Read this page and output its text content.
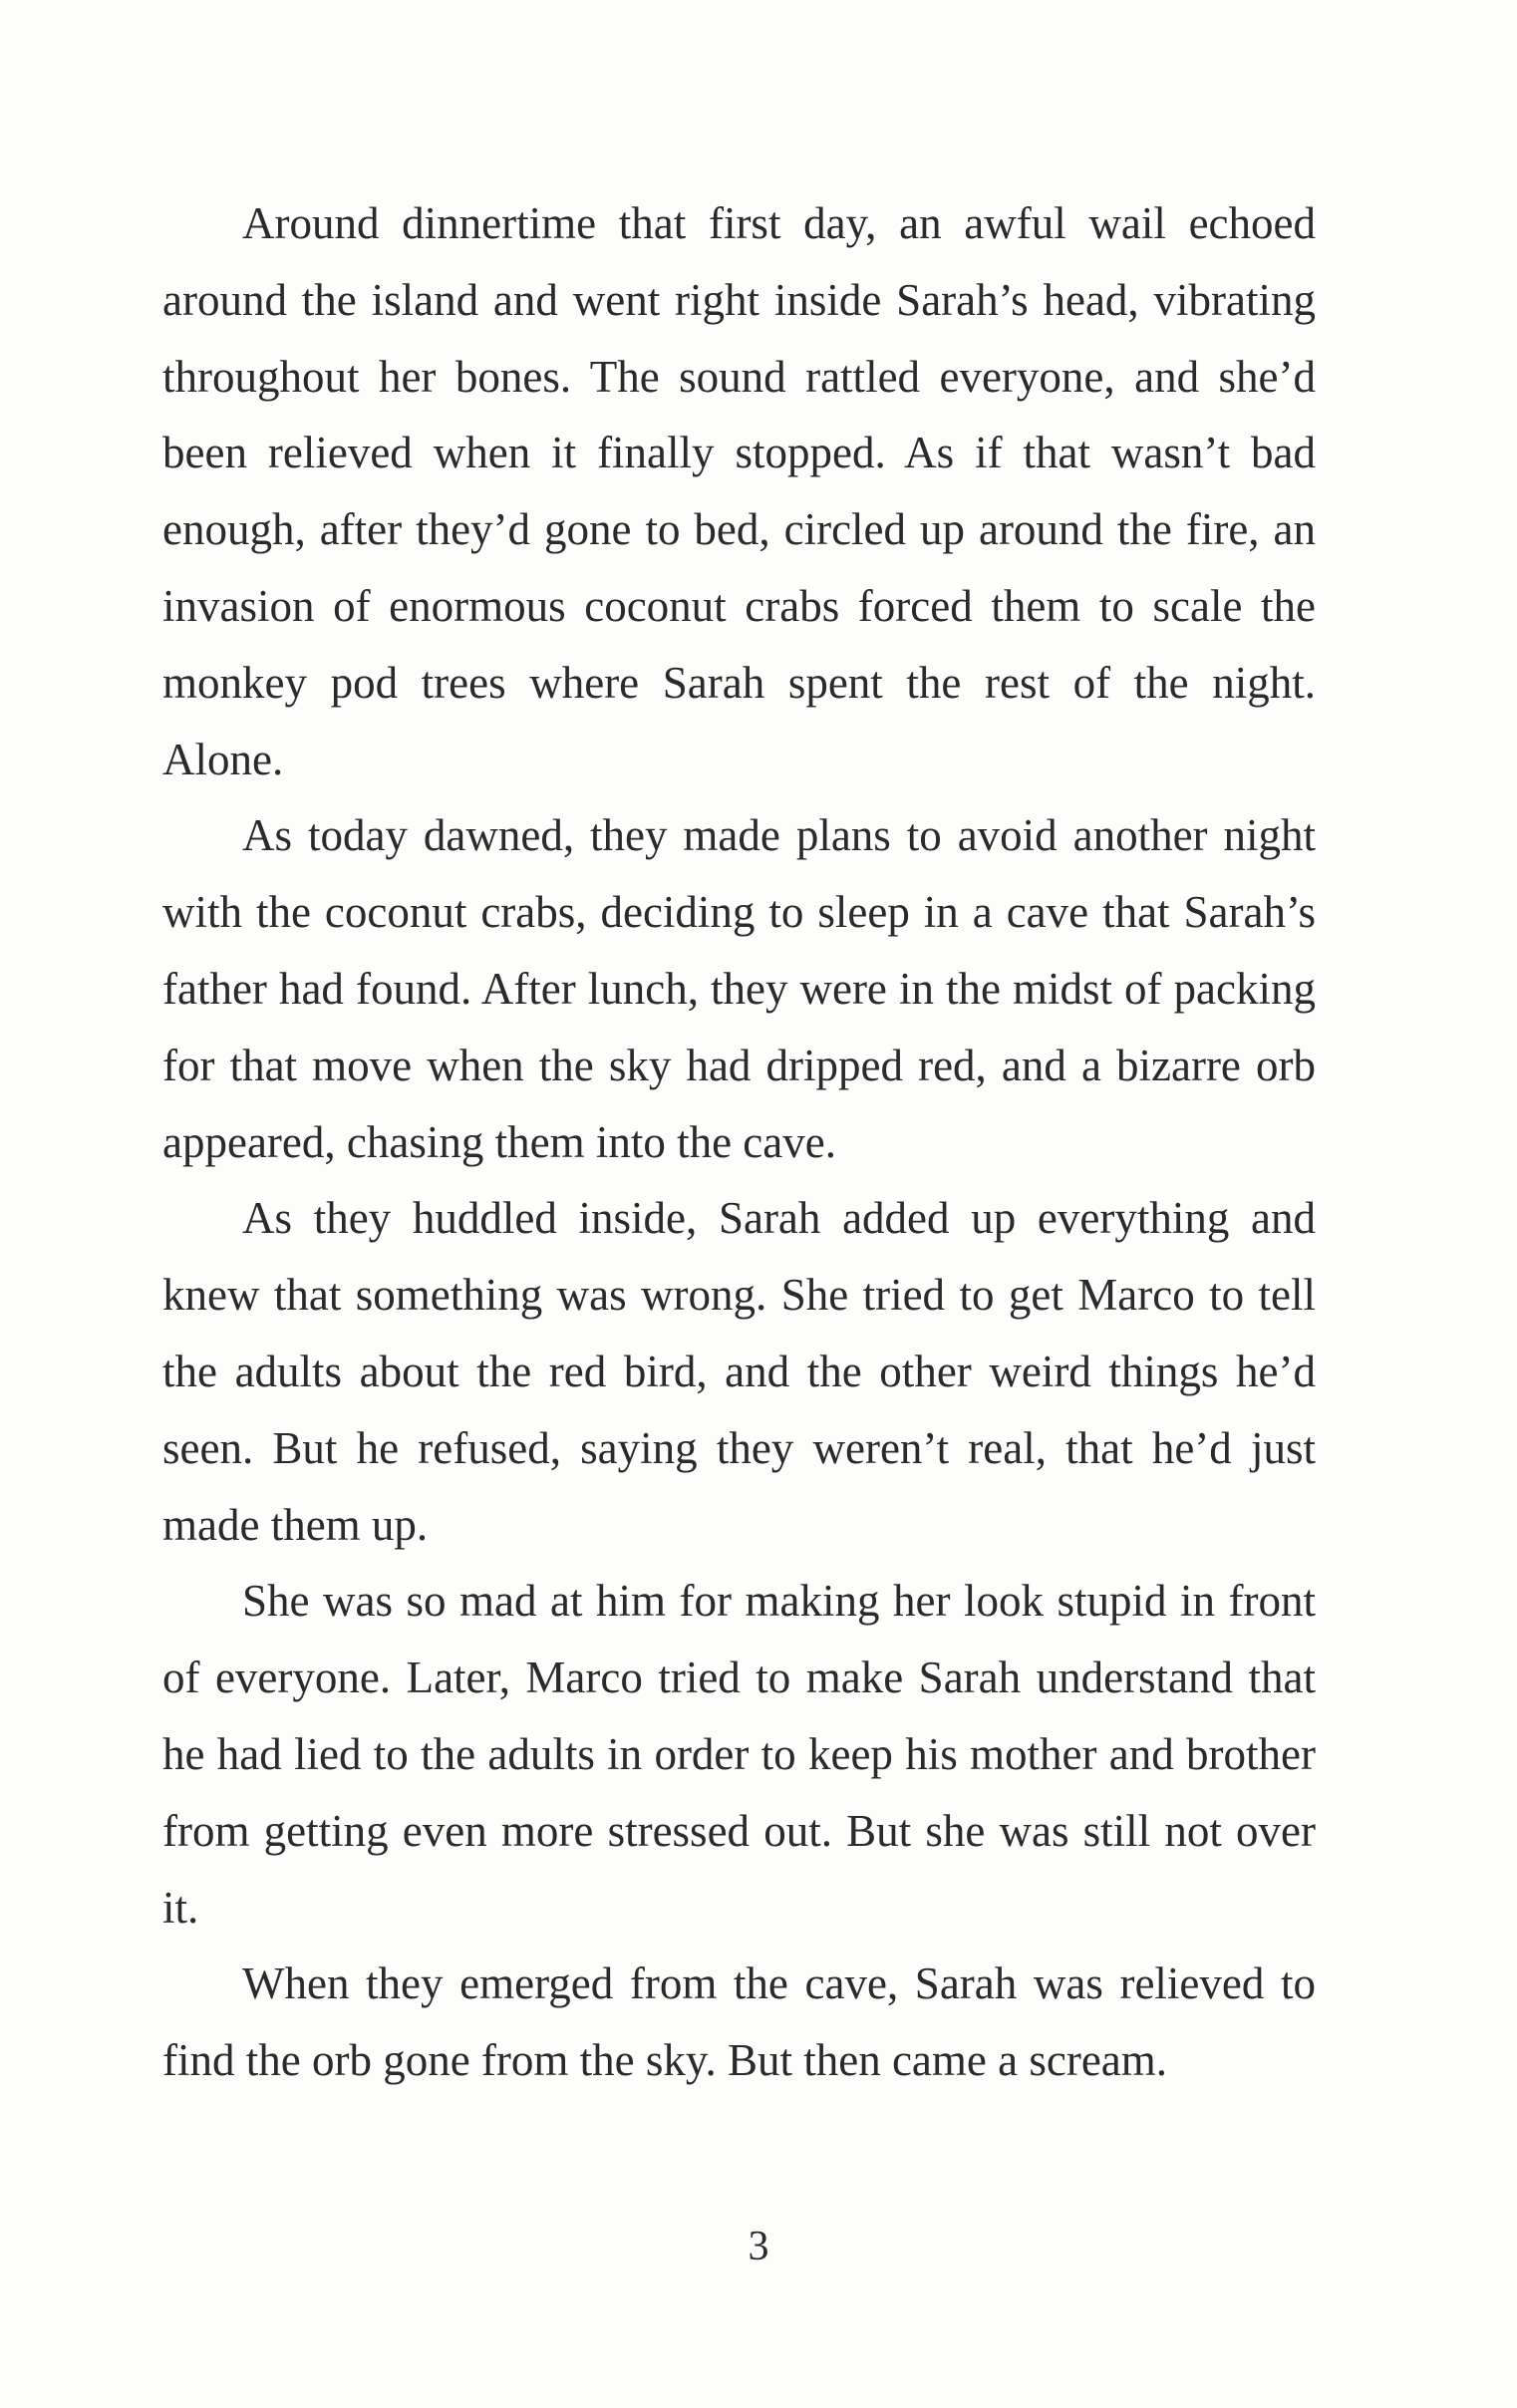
Around dinnertime that first day, an awful wail echoed around the island and went right inside Sarah’s head, vibrating throughout her bones. The sound rattled everyone, and she’d been relieved when it finally stopped. As if that wasn’t bad enough, after they’d gone to bed, circled up around the fire, an invasion of enormous coconut crabs forced them to scale the monkey pod trees where Sarah spent the rest of the night. Alone.

As today dawned, they made plans to avoid another night with the coconut crabs, deciding to sleep in a cave that Sarah’s father had found. After lunch, they were in the midst of packing for that move when the sky had dripped red, and a bizarre orb appeared, chasing them into the cave.

As they huddled inside, Sarah added up everything and knew that something was wrong. She tried to get Marco to tell the adults about the red bird, and the other weird things he’d seen. But he refused, saying they weren’t real, that he’d just made them up.

She was so mad at him for making her look stupid in front of everyone. Later, Marco tried to make Sarah understand that he had lied to the adults in order to keep his mother and brother from getting even more stressed out. But she was still not over it.

When they emerged from the cave, Sarah was relieved to find the orb gone from the sky. But then came a scream.

3
